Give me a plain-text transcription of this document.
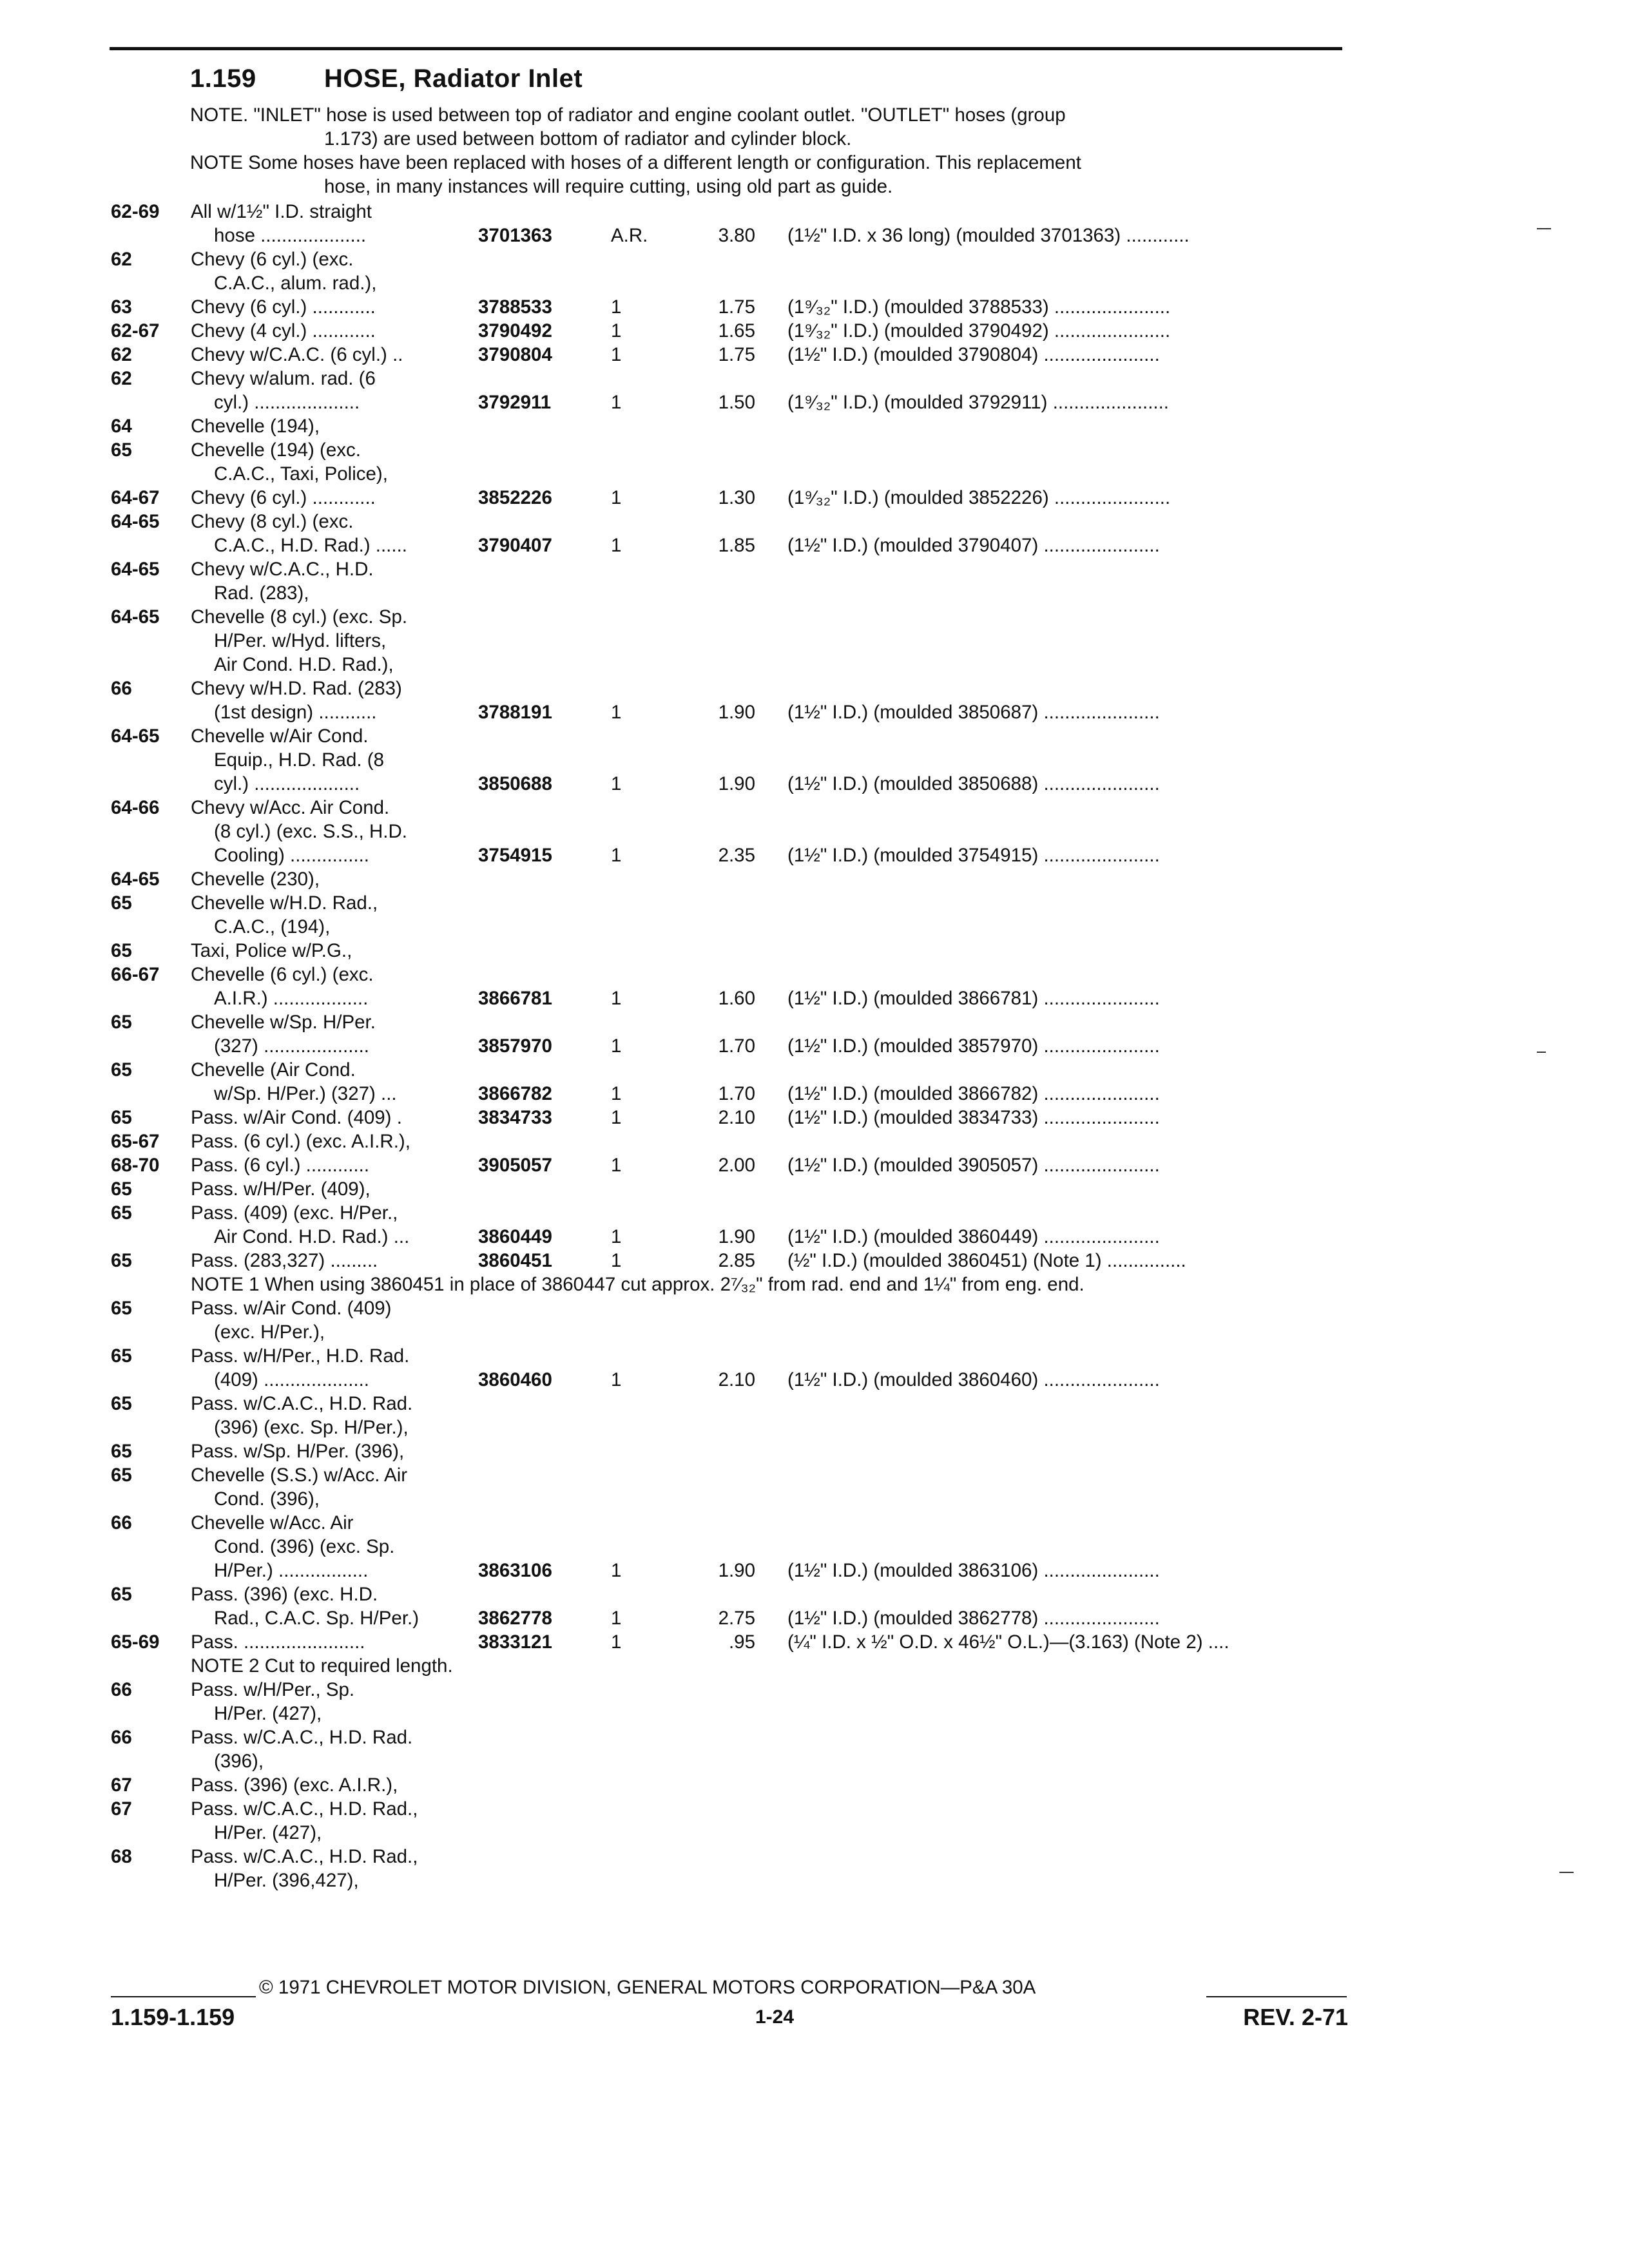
1.159	HOSE, Radiator Inlet

NOTE. "INLET" hose is used between top of radiator and engine coolant outlet. "OUTLET" hoses (group

1.173) are used between bottom of radiator and cylinder block.

NOTE Some hoses have been replaced with hoses of a different length or configuration. This replacement

hose, in many instances will require cutting, using old part as guide.

62-69	All w/1½" I.D. straight
hose ....................	3701363	A.R.	3.80 (1½" I.D. x 36 long) (moulded 3701363) ............
62	Chevy (6 cyl.) (exc.
C.A.C., alum. rad.),
63	Chevy (6 cyl.) ............	3788533	1	1.75 (1⁹⁄₃₂" I.D.) (moulded 3788533) ......................
62-67	Chevy (4 cyl.) ............	3790492	1	1.65 (1⁹⁄₃₂" I.D.) (moulded 3790492) ......................
62	Chevy w/C.A.C. (6 cyl.) ..	3790804	1	1.75 (1½" I.D.) (moulded 3790804) ......................
62	Chevy w/alum. rad. (6
cyl.) ....................	3792911	1	1.50 (1⁹⁄₃₂" I.D.) (moulded 3792911) ......................
64	Chevelle (194),
65	Chevelle (194) (exc.
C.A.C., Taxi, Police),
64-67	Chevy (6 cyl.) ............	3852226	1	1.30 (1⁹⁄₃₂" I.D.) (moulded 3852226) ......................
64-65	Chevy (8 cyl.) (exc.
C.A.C., H.D. Rad.) ......	3790407	1	1.85 (1½" I.D.) (moulded 3790407) ......................
64-65	Chevy w/C.A.C., H.D.
Rad. (283),
64-65	Chevelle (8 cyl.) (exc. Sp.
H/Per. w/Hyd. lifters,
Air Cond. H.D. Rad.),
66	Chevy w/H.D. Rad. (283)
(1st design) ...........	3788191	1	1.90 (1½" I.D.) (moulded 3850687) ......................
64-65	Chevelle w/Air Cond.
Equip., H.D. Rad. (8
cyl.) ....................	3850688	1	1.90 (1½" I.D.) (moulded 3850688) ......................
64-66	Chevy w/Acc. Air Cond.
(8 cyl.) (exc. S.S., H.D.
Cooling) ...............	3754915	1	2.35 (1½" I.D.) (moulded 3754915) ......................
64-65	Chevelle (230),
65	Chevelle w/H.D. Rad.,
C.A.C., (194),
65	Taxi, Police w/P.G.,
66-67	Chevelle (6 cyl.) (exc.
A.I.R.) ..................	3866781	1	1.60 (1½" I.D.) (moulded 3866781) ......................
65	Chevelle w/Sp. H/Per.
(327) ....................	3857970	1	1.70 (1½" I.D.) (moulded 3857970) ......................
65	Chevelle (Air Cond.
w/Sp. H/Per.) (327) ...	3866782	1	1.70 (1½" I.D.) (moulded 3866782) ......................
65	Pass. w/Air Cond. (409) .	3834733	1	2.10 (1½" I.D.) (moulded 3834733) ......................
65-67	Pass. (6 cyl.) (exc. A.I.R.),
68-70	Pass. (6 cyl.) ............	3905057	1	2.00 (1½" I.D.) (moulded 3905057) ......................
65	Pass. w/H/Per. (409),
65	Pass. (409) (exc. H/Per.,
Air Cond. H.D. Rad.) ...	3860449	1	1.90 (1½" I.D.) (moulded 3860449) ......................
65	Pass. (283,327) .........	3860451	1	2.85 (½" I.D.) (moulded 3860451) (Note 1) ...............
NOTE 1 When using 3860451 in place of 3860447 cut approx. 2⁷⁄₃₂" from rad. end and 1¼" from eng. end.
65	Pass. w/Air Cond. (409)
(exc. H/Per.),
65	Pass. w/H/Per., H.D. Rad.
(409) ....................	3860460	1	2.10 (1½" I.D.) (moulded 3860460) ......................
65	Pass. w/C.A.C., H.D. Rad.
(396) (exc. Sp. H/Per.),
65	Pass. w/Sp. H/Per. (396),
65	Chevelle (S.S.) w/Acc. Air
Cond. (396),
66	Chevelle w/Acc. Air
Cond. (396) (exc. Sp.
H/Per.) .................	3863106	1	1.90 (1½" I.D.) (moulded 3863106) ......................
65	Pass. (396) (exc. H.D.
Rad., C.A.C. Sp. H/Per.)	3862778	1	2.75 (1½" I.D.) (moulded 3862778) ......................
65-69	Pass. .......................	3833121	1	.95 (¼" I.D. x ½" O.D. x 46½" O.L.)—(3.163) (Note 2) ....
NOTE 2 Cut to required length.
66	Pass. w/H/Per., Sp.
H/Per. (427),
66	Pass. w/C.A.C., H.D. Rad.
(396),
67	Pass. (396) (exc. A.I.R.),
67	Pass. w/C.A.C., H.D. Rad.,
H/Per. (427),
68	Pass. w/C.A.C., H.D. Rad.,
H/Per. (396,427),
© 1971 CHEVROLET MOTOR DIVISION, GENERAL MOTORS CORPORATION—P&A 30A
1.159-1.159	1-24	REV. 2-71
